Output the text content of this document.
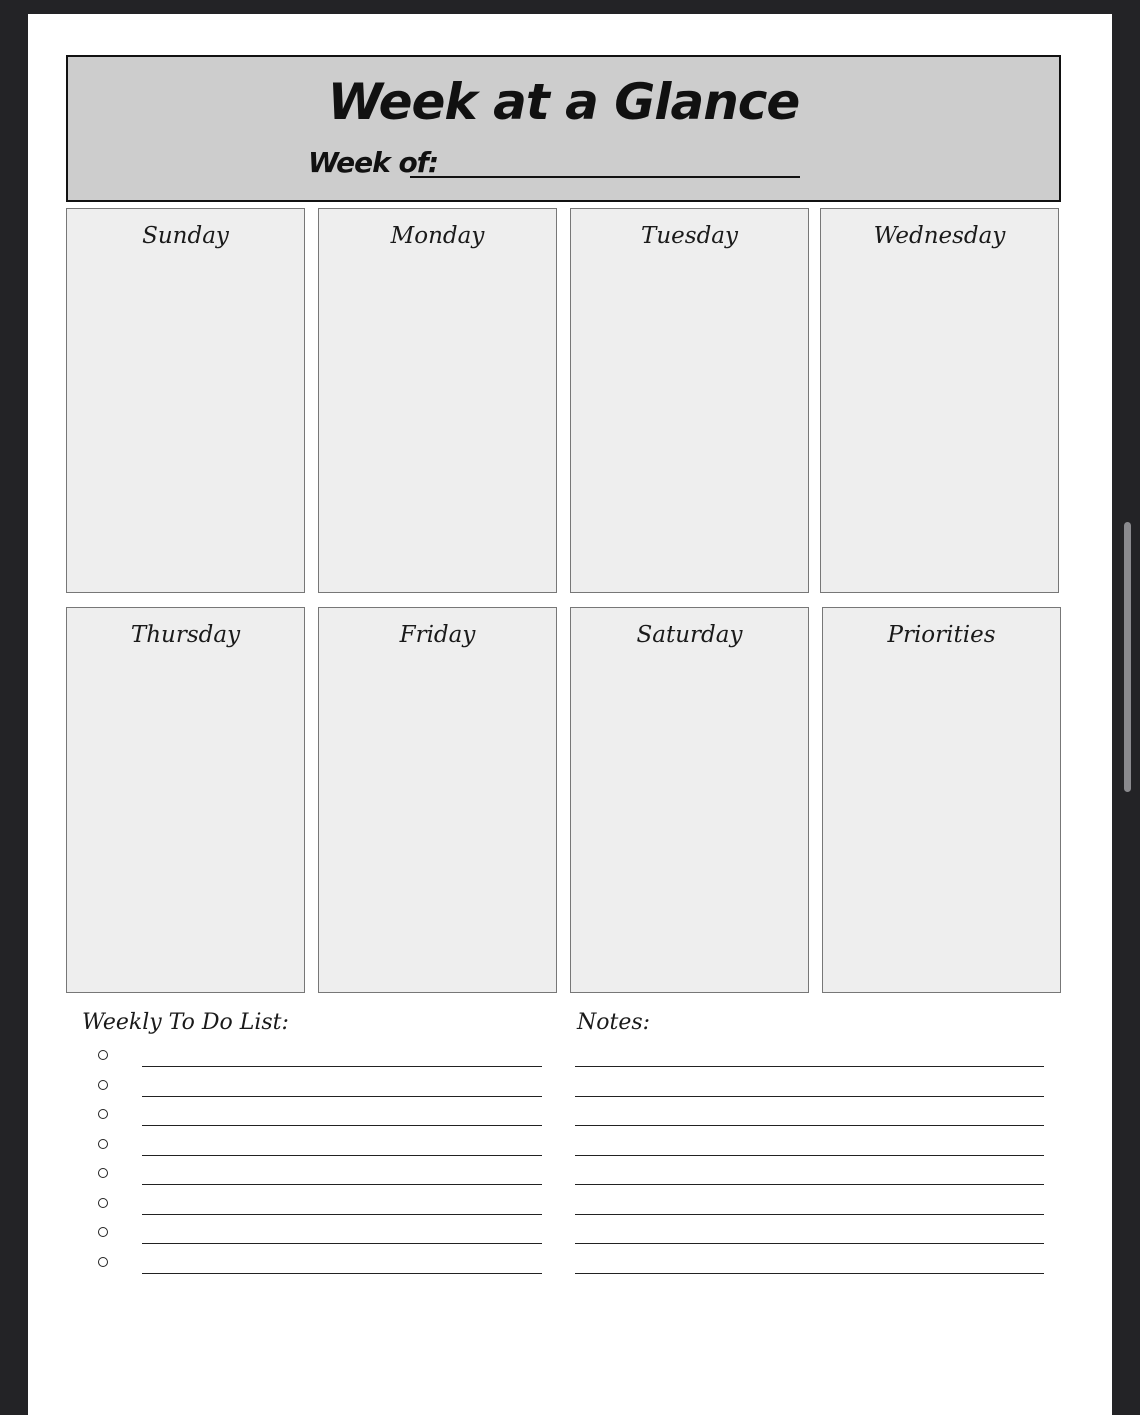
Week at a Glance
Week of:
Sunday	Monday	Tuesday	Wednesday
Thursday	Friday	Saturday	Priorities
Weekly To Do List:	Notes:
